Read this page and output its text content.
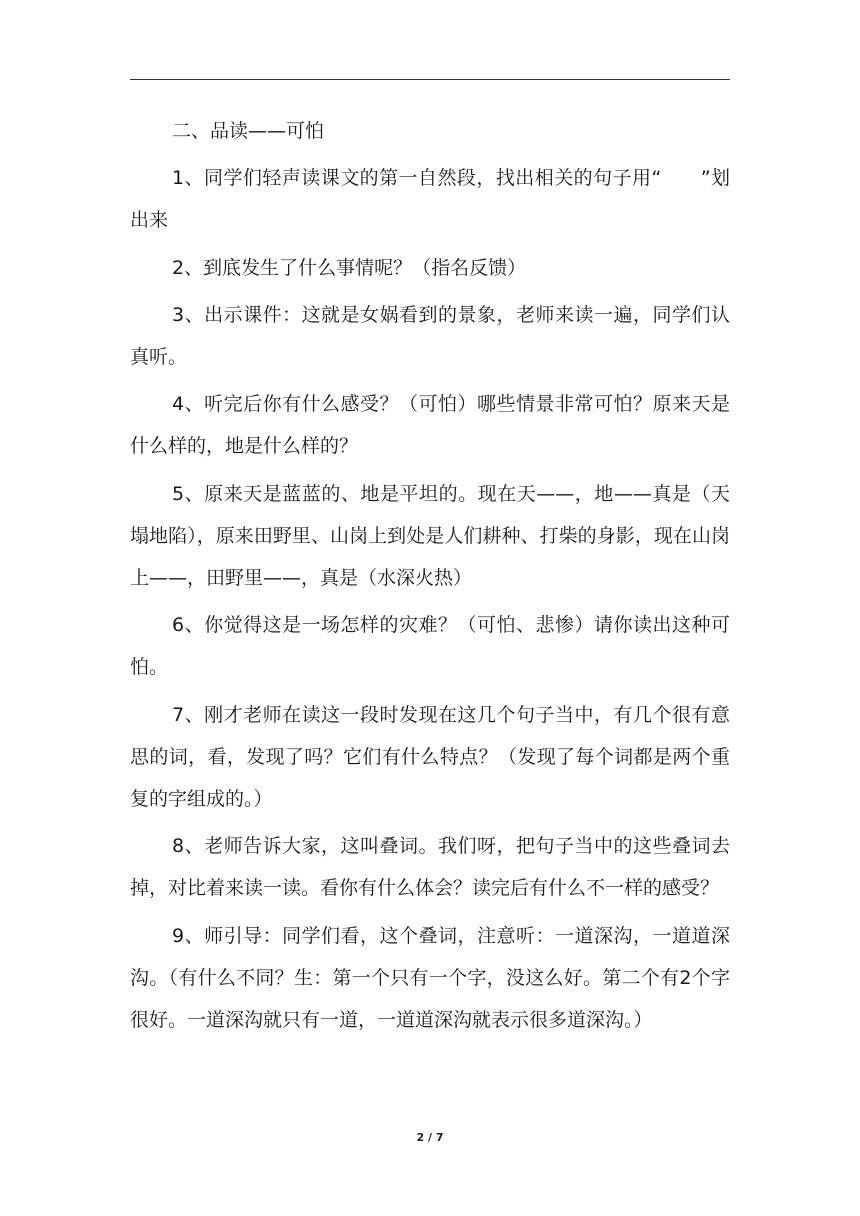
二、品读——可怕

1、同学们轻声读课文的第一自然段，找出相关的句子用“　　”划出来

2、到底发生了什么事情呢？（指名反馈）

3、出示课件：这就是女娲看到的景象，老师来读一遍，同学们认真听。

4、听完后你有什么感受？（可怕）哪些情景非常可怕？原来天是什么样的，地是什么样的？

5、原来天是蓝蓝的、地是平坦的。现在天——，地——真是（天塌地陷），原来田野里、山岗上到处是人们耕种、打柴的身影，现在山岗上——，田野里——，真是（水深火热）

6、你觉得这是一场怎样的灾难？（可怕、悲惨）请你读出这种可怕。

7、刚才老师在读这一段时发现在这几个句子当中，有几个很有意思的词，看，发现了吗？它们有什么特点？（发现了每个词都是两个重复的字组成的。）

8、老师告诉大家，这叫叠词。我们呀，把句子当中的这些叠词去掉，对比着来读一读。看你有什么体会？读完后有什么不一样的感受？

9、师引导：同学们看，这个叠词，注意听：一道深沟，一道道深沟。（有什么不同？生：第一个只有一个字，没这么好。第二个有2个字很好。一道深沟就只有一道，一道道深沟就表示很多道深沟。）

2 / 7
